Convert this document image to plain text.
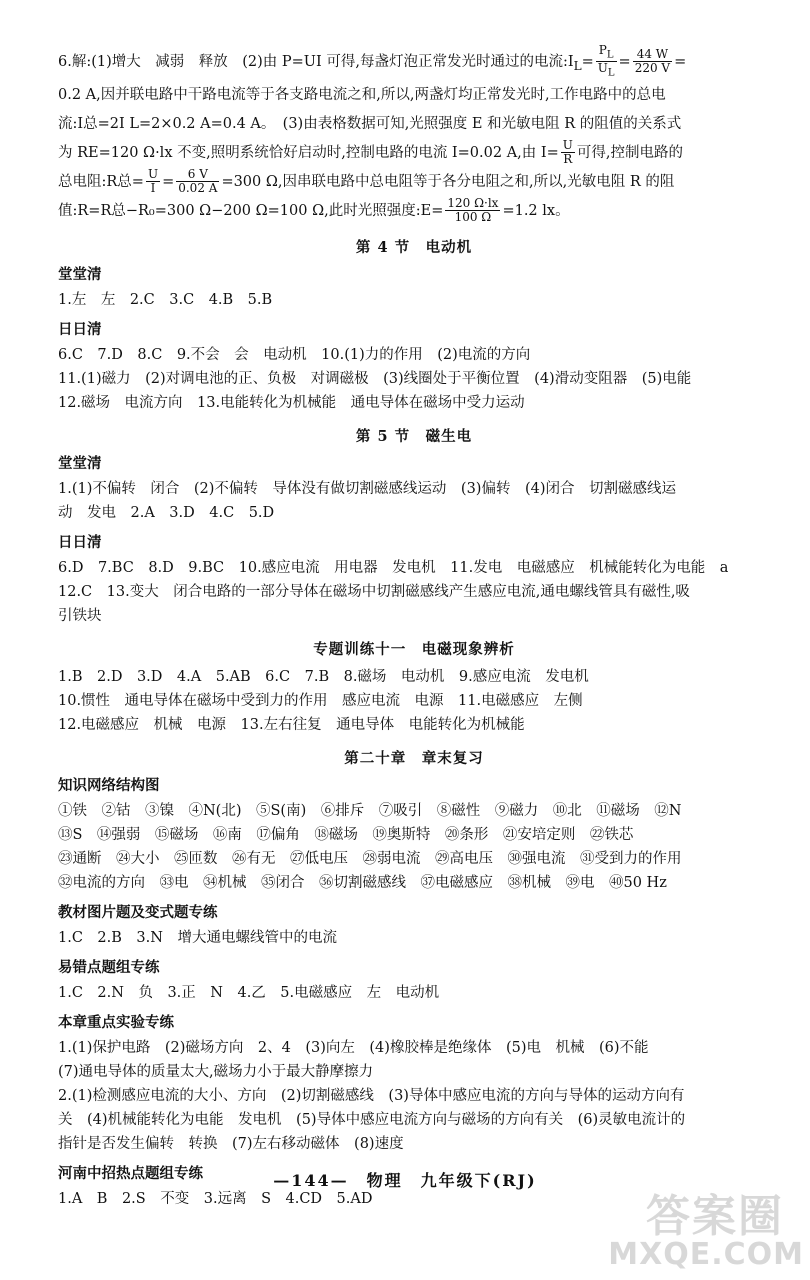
6.解:(1)增大　减弱　释放　(2)由 P=UI 可得,每盏灯泡正常发光时通过的电流$:I_L= \frac{P_L}{U_L} = \frac{44 W}{220 V}$ =
0.2 A,因并联电路中干路电流等于各支路电流之和,所以,两盏灯均正常发光时,工作电路中的总电
流:I总=2I L=2×0.2 A=0.4 A。　(3)由表格数据可知,光照强度 E 和光敏电阻 R 的阻值的关系式
为 RE=120 Ω·lx 不变,照明系统恰好启动时,控制电路的电流 I=0.02 A,由 $I= \frac{U}{R}$ 可得,控制电路的
总电阻:R总= $\frac{U}{I} = \frac{6 V}{0.02 A} =300$ Ω,因串联电路中总电阻等于各分电阻之和,所以,光敏电阻 R 的阻
值:R=R总−R₀=300 Ω−200 Ω=100 Ω,此时光照强度:E= $\frac{120 \Omega\cdot lx}{100 \Omega} =1.2$ lx。
第 4 节　电动机
堂堂清
1.左　左　2.C　3.C　4.B　5.B
日日清
6.C　7.D　8.C　9.不会　会　电动机　10.(1)力的作用　(2)电流的方向
11.(1)磁力　(2)对调电池的正、负极　对调磁极　(3)线圈处于平衡位置　(4)滑动变阻器　(5)电能
12.磁场　电流方向　13.电能转化为机械能　通电导体在磁场中受力运动
第 5 节　磁生电
堂堂清
1.(1)不偏转　闭合　(2)不偏转　导体没有做切割磁感线运动　(3)偏转　(4)闭合　切割磁感线运
动　发电　2.A　3.D　4.C　5.D
日日清
6.D　7.BC　8.D　9.BC　10.感应电流　用电器　发电机　11.发电　电磁感应　机械能转化为电能　a
12.C　13.变大　闭合电路的一部分导体在磁场中切割磁感线产生感应电流,通电螺线管具有磁性,吸
引铁块
专题训练十一　电磁现象辨析
1.B　2.D　3.D　4.A　5.AB　6.C　7.B　8.磁场　电动机　9.感应电流　发电机
10.惯性　通电导体在磁场中受到力的作用　感应电流　电源　11.电磁感应　左侧
12.电磁感应　机械　电源　13.左右往复　通电导体　电能转化为机械能
第二十章　章末复习
知识网络结构图
①铁　②钴　③镍　④N(北)　⑤S(南)　⑥排斥　⑦吸引　⑧磁性　⑨磁力　⑩北　⑪磁场　⑫N
⑬S　⑭强弱　⑮磁场　⑯南　⑰偏角　⑱磁场　⑲奥斯特　⑳条形　㉑安培定则　㉒铁芯
㉓通断　㉔大小　㉕匝数　㉖有无　㉗低电压　㉘弱电流　㉙高电压　㉚强电流　㉛受到力的作用
㉜电流的方向　㉝电　㉞机械　㉟闭合　㊱切割磁感线　㊲电磁感应　㊳机械　㊴电　㊵50 Hz
教材图片题及变式题专练
1.C　2.B　3.N　增大通电螺线管中的电流
易错点题组专练
1.C　2.N　负　3.正　N　4.乙　5.电磁感应　左　电动机
本章重点实验专练
1.(1)保护电路　(2)磁场方向　2、4　(3)向左　(4)橡胶棒是绝缘体　(5)电　机械　(6)不能
(7)通电导体的质量太大,磁场力小于最大静摩擦力
2.(1)检测感应电流的大小、方向　(2)切割磁感线　(3)导体中感应电流的方向与导体的运动方向有
关　(4)机械能转化为电能　发电机　(5)导体中感应电流方向与磁场的方向有关　(6)灵敏电流计的
指针是否发生偏转　转换　(7)左右移动磁体　(8)速度
河南中招热点题组专练
1.A　B　2.S　不变　3.远离　S　4.CD　5.AD
—144—　物理　九年级下(RJ)
答案圈
MXQE.COM
